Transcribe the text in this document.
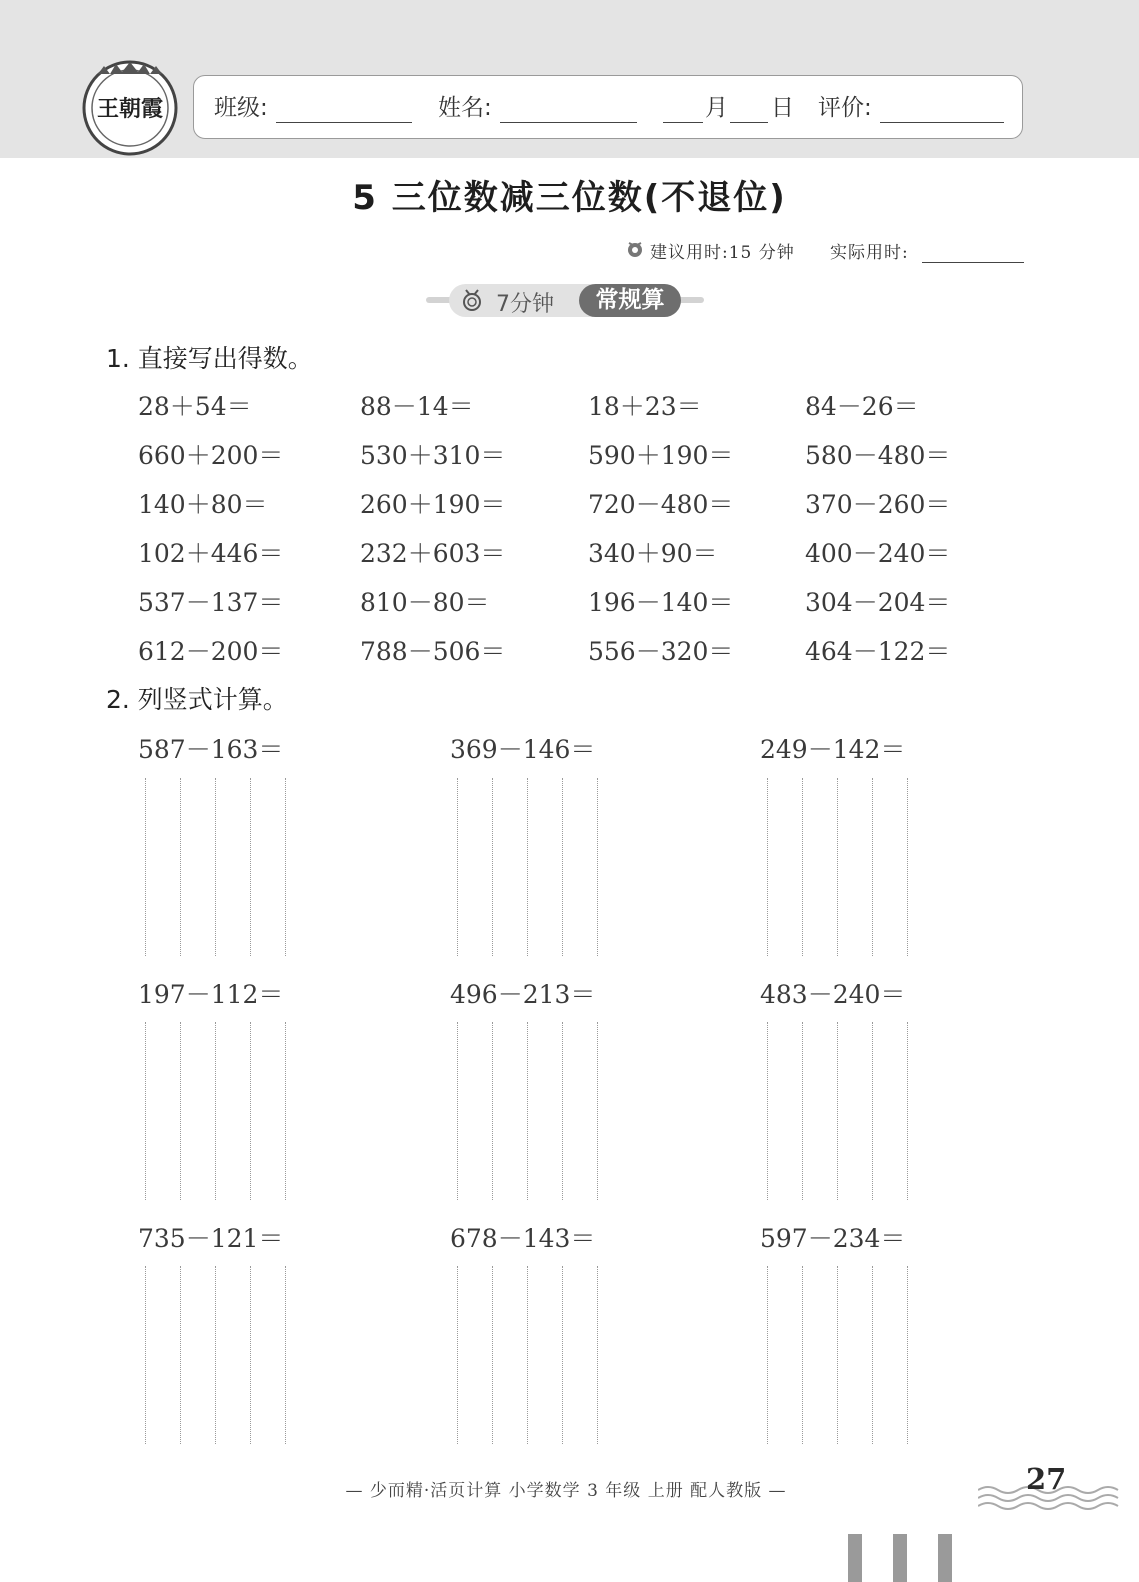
王朝霞 班级:	姓名:	月 日 评价:
5 三位数减三位数(不退位)
建议用时:15 分钟 实际用时:
7分钟	常规算
1. 直接写出得数。
28＋54＝	88－14＝	18＋23＝	84－26＝
660＋200＝	530＋310＝	590＋190＝	580－480＝
140＋80＝	260＋190＝	720－480＝	370－260＝
102＋446＝	232＋603＝	340＋90＝	400－240＝
537－137＝	810－80＝	196－140＝	304－204＝
612－200＝	788－506＝	556－320＝	464－122＝
2. 列竖式计算。
587－163＝	369－146＝	249－142＝
197－112＝	496－213＝	483－240＝
735－121＝	678－143＝	597－234＝
— 少而精·活页计算 小学数学 3 年级 上册 配人教版 —	27
